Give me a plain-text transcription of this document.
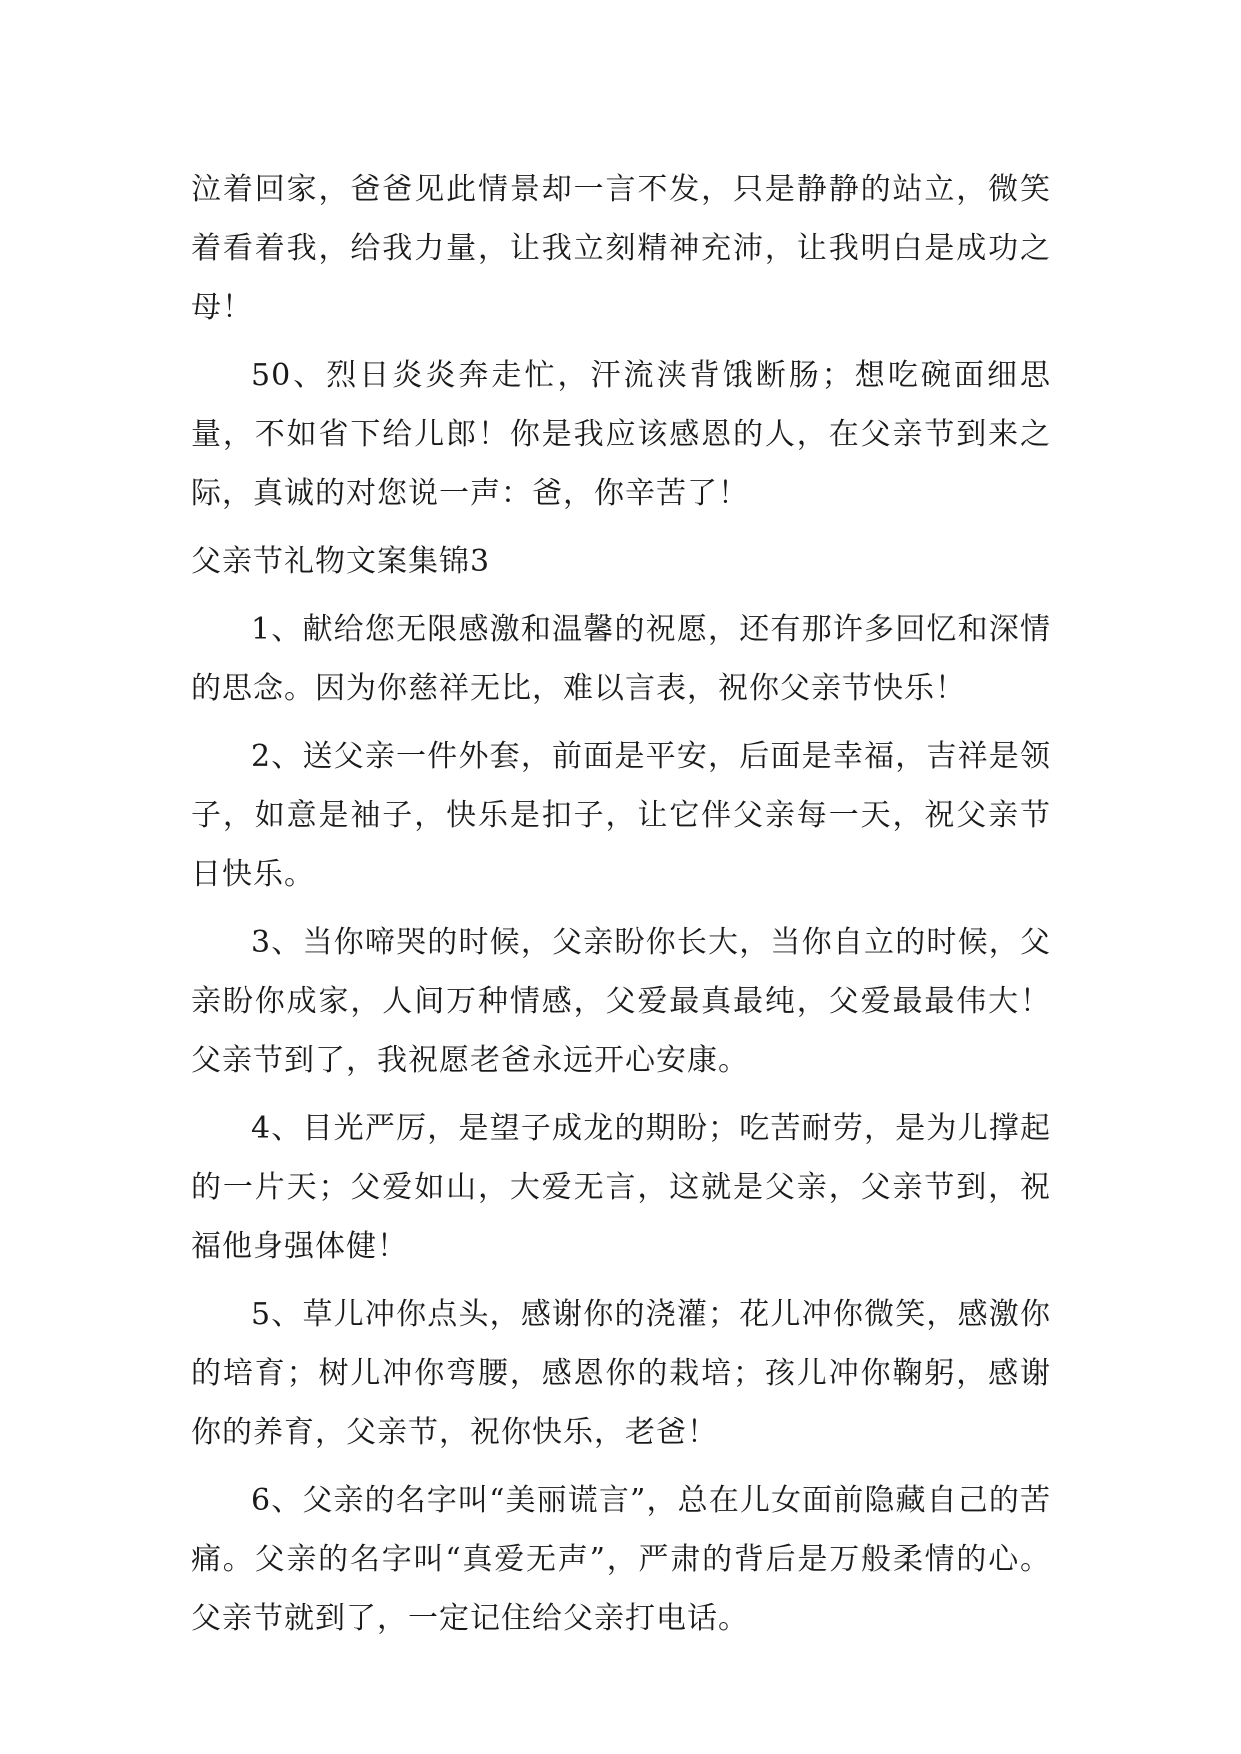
泣着回家，爸爸见此情景却一言不发，只是静静的站立，微笑着看着我，给我力量，让我立刻精神充沛，让我明白是成功之母！

50、烈日炎炎奔走忙，汗流浃背饿断肠；想吃碗面细思量，不如省下给儿郎！你是我应该感恩的人，在父亲节到来之际，真诚的对您说一声：爸，你辛苦了！

父亲节礼物文案集锦3

1、献给您无限感激和温馨的祝愿，还有那许多回忆和深情的思念。因为你慈祥无比，难以言表，祝你父亲节快乐！

2、送父亲一件外套，前面是平安，后面是幸福，吉祥是领子，如意是袖子，快乐是扣子，让它伴父亲每一天，祝父亲节日快乐。

3、当你啼哭的时候，父亲盼你长大，当你自立的时候，父亲盼你成家，人间万种情感，父爱最真最纯，父爱最最伟大！父亲节到了，我祝愿老爸永远开心安康。

4、目光严厉，是望子成龙的期盼；吃苦耐劳，是为儿撑起的一片天；父爱如山，大爱无言，这就是父亲，父亲节到，祝福他身强体健！

5、草儿冲你点头，感谢你的浇灌；花儿冲你微笑，感激你的培育；树儿冲你弯腰，感恩你的栽培；孩儿冲你鞠躬，感谢你的养育，父亲节，祝你快乐，老爸！

6、父亲的名字叫“美丽谎言”，总在儿女面前隐藏自己的苦痛。父亲的名字叫“真爱无声”，严肃的背后是万般柔情的心。父亲节就到了，一定记住给父亲打电话。
